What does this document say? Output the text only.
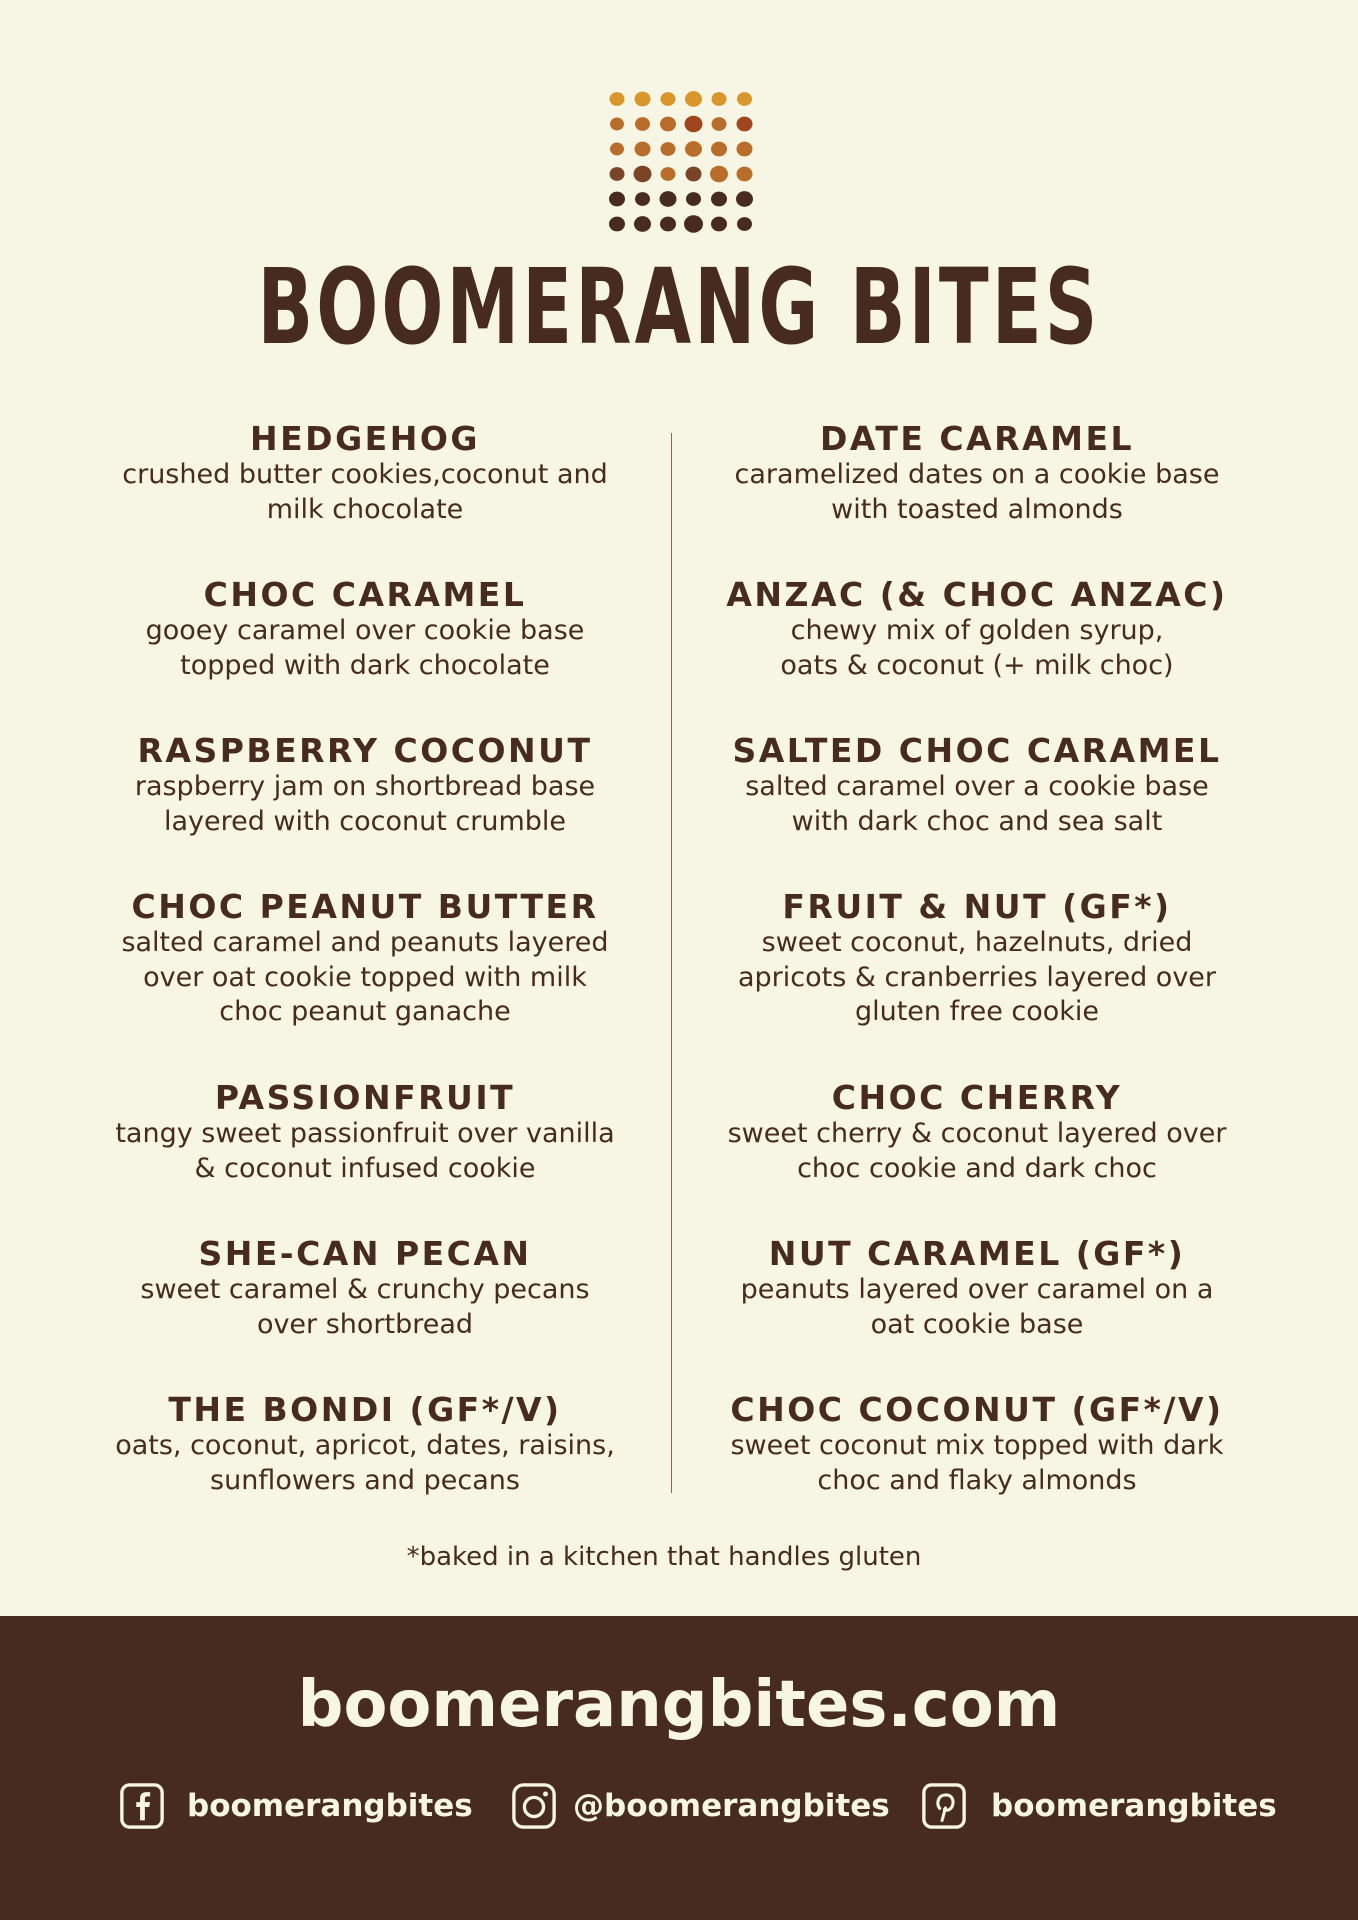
BOOMERANG BITES
HEDGEHOG
crushed butter cookies,coconut and
milk chocolate
CHOC CARAMEL
gooey caramel over cookie base
topped with dark chocolate
RASPBERRY COCONUT
raspberry jam on shortbread base
layered with coconut crumble
CHOC PEANUT BUTTER
salted caramel and peanuts layered
over oat cookie topped with milk
choc peanut ganache
PASSIONFRUIT
tangy sweet passionfruit over vanilla
& coconut infused cookie
SHE-CAN PECAN
sweet caramel & crunchy pecans
over shortbread
THE BONDI (GF*/V)
oats, coconut, apricot, dates, raisins,
sunflowers and pecans
DATE CARAMEL
caramelized dates on a cookie base
with toasted almonds
ANZAC (& CHOC ANZAC)
chewy mix of golden syrup,
oats & coconut (+ milk choc)
SALTED CHOC CARAMEL
salted caramel over a cookie base
with dark choc and sea salt
FRUIT & NUT (GF*)
sweet coconut, hazelnuts, dried
apricots & cranberries layered over
gluten free cookie
CHOC CHERRY
sweet cherry & coconut layered over
choc cookie and dark choc
NUT CARAMEL (GF*)
peanuts layered over caramel on a
oat cookie base
CHOC COCONUT (GF*/V)
sweet coconut mix topped with dark
choc and flaky almonds
*baked in a kitchen that handles gluten
boomerangbites.com
boomerangbites	@boomerangbites	boomerangbites
